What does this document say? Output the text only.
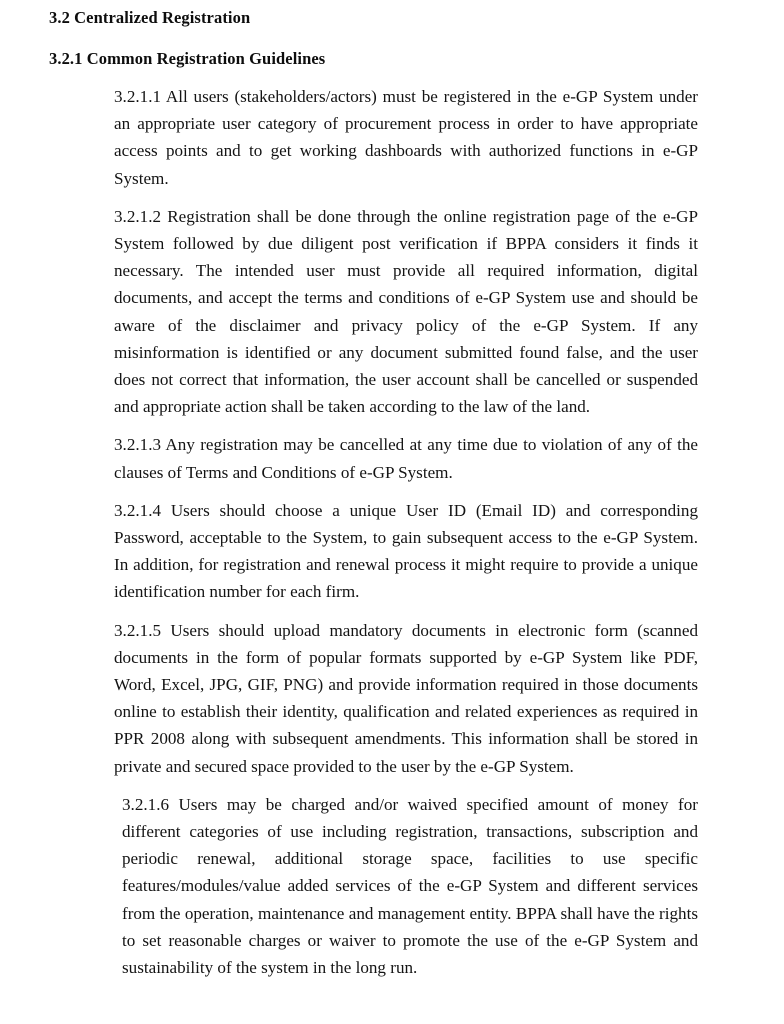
3.2 Centralized Registration
3.2.1 Common Registration Guidelines

3.2.1.1 All users (stakeholders/actors) must be registered in the e-GP System under an appropriate user category of procurement process in order to have appropriate access points and to get working dashboards with authorized functions in e-GP System.

3.2.1.2 Registration shall be done through the online registration page of the e-GP System followed by due diligent post verification if BPPA considers it finds it necessary. The intended user must provide all required information, digital documents, and accept the terms and conditions of e-GP System use and should be aware of the disclaimer and privacy policy of the e-GP System. If any misinformation is identified or any document submitted found false, and the user does not correct that information, the user account shall be cancelled or suspended and appropriate action shall be taken according to the law of the land.

3.2.1.3 Any registration may be cancelled at any time due to violation of any of the clauses of Terms and Conditions of e-GP System.

3.2.1.4 Users should choose a unique User ID (Email ID) and corresponding Password, acceptable to the System, to gain subsequent access to the e-GP System. In addition, for registration and renewal process it might require to provide a unique identification number for each firm.

3.2.1.5 Users should upload mandatory documents in electronic form (scanned documents in the form of popular formats supported by e-GP System like PDF, Word, Excel, JPG, GIF, PNG) and provide information required in those documents online to establish their identity, qualification and related experiences as required in PPR 2008 along with subsequent amendments. This information shall be stored in private and secured space provided to the user by the e-GP System.

3.2.1.6 Users may be charged and/or waived specified amount of money for different categories of use including registration, transactions, subscription and periodic renewal, additional storage space, facilities to use specific features/modules/value added services of the e-GP System and different services from the operation, maintenance and management entity. BPPA shall have the rights to set reasonable charges or waiver to promote the use of the e-GP System and sustainability of the system in the long run.
